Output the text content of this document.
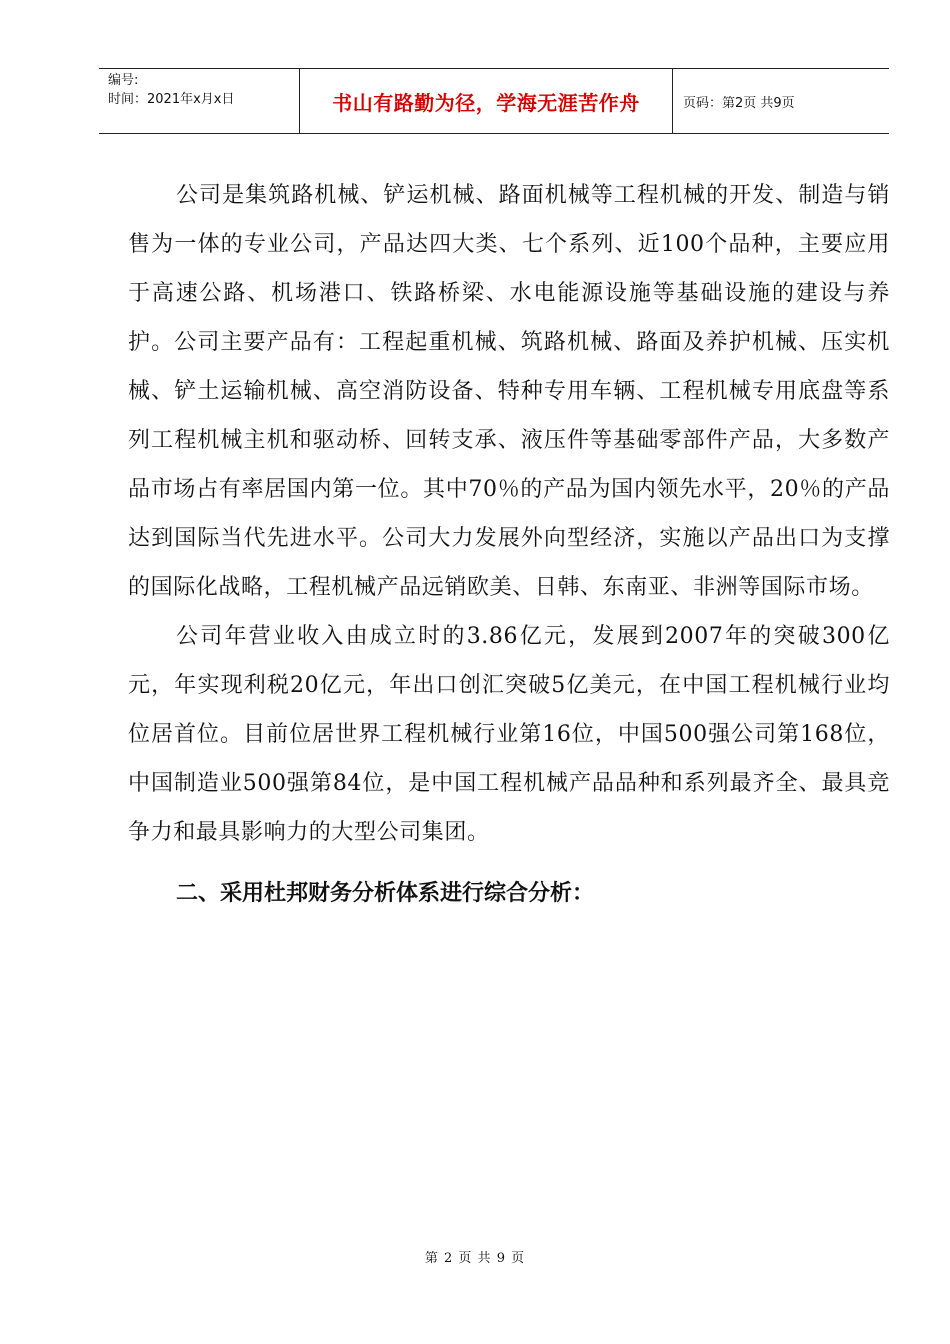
编号:
时间：2021年x月x日	书山有路勤为径，学海无涯苦作舟	页码：第2页 共9页

公司是集筑路机械、铲运机械、路面机械等工程机械的开发、制造与销售为一体的专业公司，产品达四大类、七个系列、近100个品种，主要应用于高速公路、机场港口、铁路桥梁、水电能源设施等基础设施的建设与养护。公司主要产品有：工程起重机械、筑路机械、路面及养护机械、压实机械、铲土运输机械、高空消防设备、特种专用车辆、工程机械专用底盘等系列工程机械主机和驱动桥、回转支承、液压件等基础零部件产品，大多数产品市场占有率居国内第一位。其中70％的产品为国内领先水平，20％的产品达到国际当代先进水平。公司大力发展外向型经济，实施以产品出口为支撑的国际化战略，工程机械产品远销欧美、日韩、东南亚、非洲等国际市场。

公司年营业收入由成立时的3.86亿元，发展到2007年的突破300亿元，年实现利税20亿元，年出口创汇突破5亿美元，在中国工程机械行业均位居首位。目前位居世界工程机械行业第16位，中国500强公司第168位，中国制造业500强第84位，是中国工程机械产品品种和系列最齐全、最具竞争力和最具影响力的大型公司集团。

二、采用杜邦财务分析体系进行综合分析：

第 2 页 共 9 页
